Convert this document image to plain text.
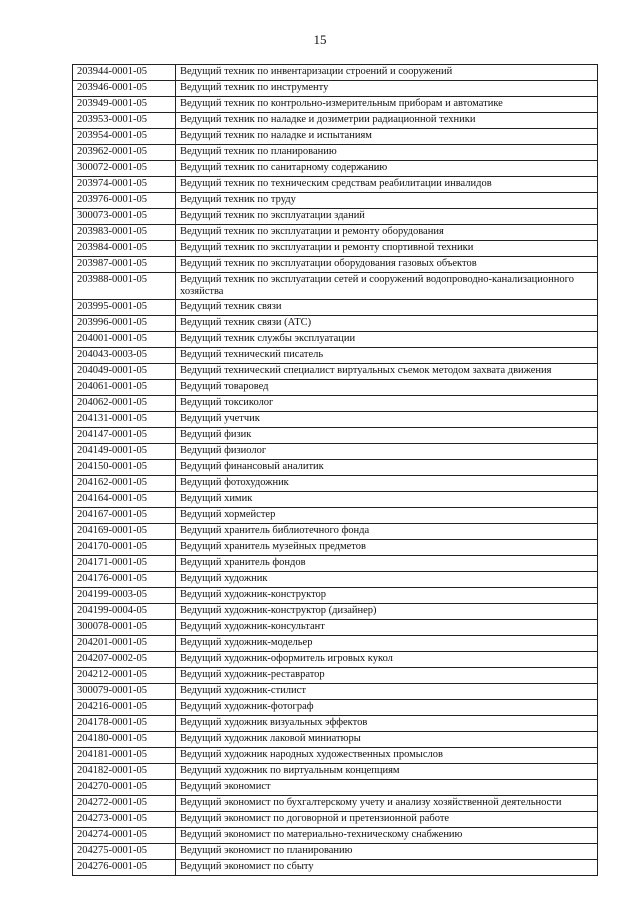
15
203944-0001-05	Ведущий техник по инвентаризации строений и сооружений
203946-0001-05	Ведущий техник по инструменту
203949-0001-05	Ведущий техник по контрольно-измерительным приборам и автоматике
203953-0001-05	Ведущий техник по наладке и дозиметрии радиационной техники
203954-0001-05	Ведущий техник по наладке и испытаниям
203962-0001-05	Ведущий техник по планированию
300072-0001-05	Ведущий техник по санитарному содержанию
203974-0001-05	Ведущий техник по техническим средствам реабилитации инвалидов
203976-0001-05	Ведущий техник по труду
300073-0001-05	Ведущий техник по эксплуатации зданий
203983-0001-05	Ведущий техник по эксплуатации и ремонту оборудования
203984-0001-05	Ведущий техник по эксплуатации и ремонту спортивной техники
203987-0001-05	Ведущий техник по эксплуатации оборудования газовых объектов
203988-0001-05	Ведущий техник по эксплуатации сетей и сооружений водопроводно-канализационного хозяйства
203995-0001-05	Ведущий техник связи
203996-0001-05	Ведущий техник связи (АТС)
204001-0001-05	Ведущий техник службы эксплуатации
204043-0003-05	Ведущий технический писатель
204049-0001-05	Ведущий технический специалист виртуальных съемок методом захвата движения
204061-0001-05	Ведущий товаровед
204062-0001-05	Ведущий токсиколог
204131-0001-05	Ведущий учетчик
204147-0001-05	Ведущий физик
204149-0001-05	Ведущий физиолог
204150-0001-05	Ведущий финансовый аналитик
204162-0001-05	Ведущий фотохудожник
204164-0001-05	Ведущий химик
204167-0001-05	Ведущий хормейстер
204169-0001-05	Ведущий хранитель библиотечного фонда
204170-0001-05	Ведущий хранитель музейных предметов
204171-0001-05	Ведущий хранитель фондов
204176-0001-05	Ведущий художник
204199-0003-05	Ведущий художник-конструктор
204199-0004-05	Ведущий художник-конструктор (дизайнер)
300078-0001-05	Ведущий художник-консультант
204201-0001-05	Ведущий художник-модельер
204207-0002-05	Ведущий художник-оформитель игровых кукол
204212-0001-05	Ведущий художник-реставратор
300079-0001-05	Ведущий художник-стилист
204216-0001-05	Ведущий художник-фотограф
204178-0001-05	Ведущий художник визуальных эффектов
204180-0001-05	Ведущий художник лаковой миниатюры
204181-0001-05	Ведущий художник народных художественных промыслов
204182-0001-05	Ведущий художник по виртуальным концепциям
204270-0001-05	Ведущий экономист
204272-0001-05	Ведущий экономист по бухгалтерскому учету и анализу хозяйственной деятельности
204273-0001-05	Ведущий экономист по договорной и претензионной работе
204274-0001-05	Ведущий экономист по материально-техническому снабжению
204275-0001-05	Ведущий экономист по планированию
204276-0001-05	Ведущий экономист по сбыту
